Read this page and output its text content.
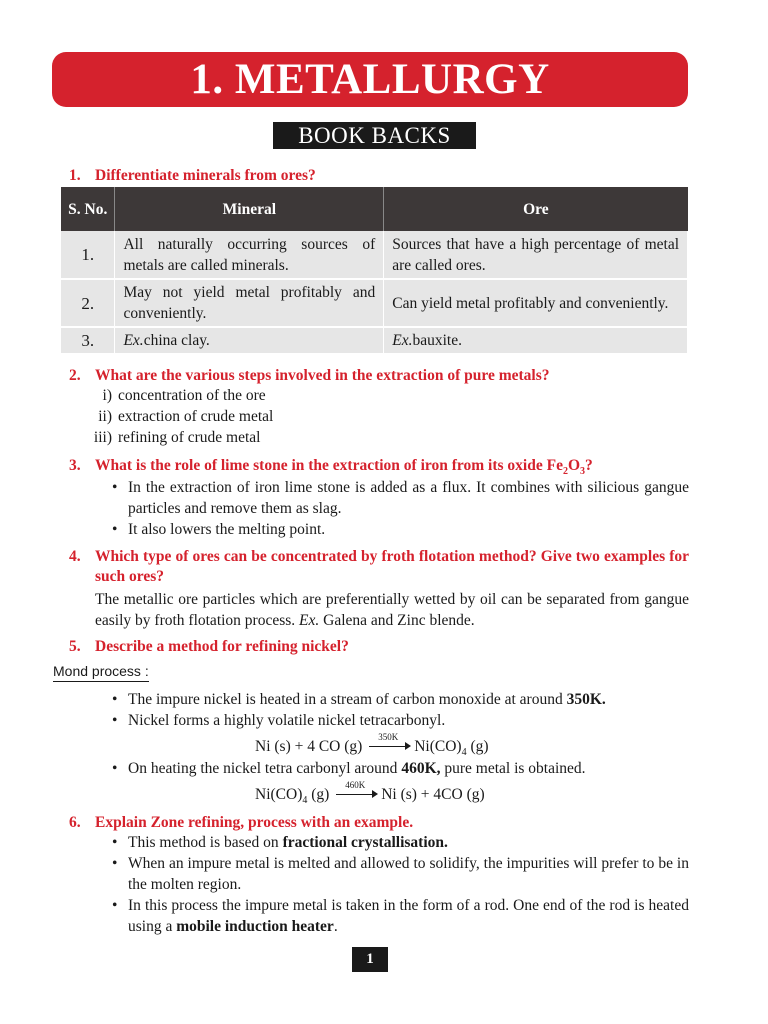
1. METALLURGY
BOOK BACKS
1. Differentiate minerals from ores?
S. No.	Mineral	Ore
1.	All naturally occurring sources of metals are called minerals.	Sources that have a high percentage of metal are called ores.
2.	May not yield metal profitably and conveniently.	Can yield metal profitably and conveniently.
3.	Ex.china clay.	Ex.bauxite.
2. What are the various steps involved in the extraction of pure metals?
i) concentration of the ore
ii) extraction of crude metal
iii) refining of crude metal
3. What is the role of lime stone in the extraction of iron from its oxide $Fe_2O_3$?
• In the extraction of iron lime stone is added as a flux. It combines with silicious gangue particles and remove them as slag.
• It also lowers the melting point.
4. Which type of ores can be concentrated by froth flotation method? Give two examples for such ores?
The metallic ore particles which are preferentially wetted by oil can be separated from gangue easily by froth flotation process. Ex. Galena and Zinc blende.
5. Describe a method for refining nickel?
Mond process :
• The impure nickel is heated in a stream of carbon monoxide at around 350K.
• Nickel forms a highly volatile nickel tetracarbonyl.
Ni (s) + 4 CO (g)
350K
$Ni(CO)_4$ (g)
• On heating the nickel tetra carbonyl around 460K, pure metal is obtained.
$Ni(CO)_4$ (g)
460K
Ni (s) + 4CO (g)
6. Explain Zone refining, process with an example.
• This method is based on fractional crystallisation.
• When an impure metal is melted and allowed to solidify, the impurities will prefer to be in the molten region.
• In this process the impure metal is taken in the form of a rod. One end of the rod is heated using a mobile induction heater.
1
